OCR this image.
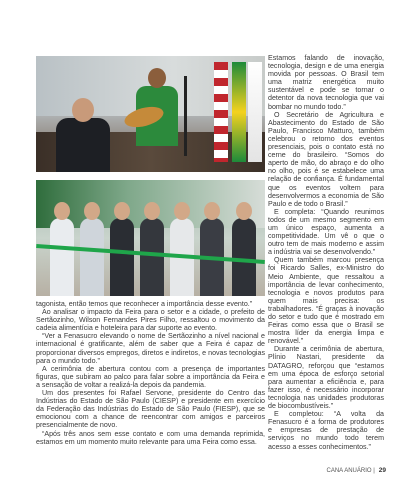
Estamos falando de inovação, tecnologia, design e de uma energia movida por pessoas. O Brasil tem uma matriz energética muito sustentável e pode se tornar o detentor da nova tecnologia que vai bombar no mundo todo.”

O Secretário de Agricultura e Abastecimento do Estado de São Paulo, Francisco Matturo, também celebrou o retorno dos eventos presenciais, pois o contato está no cerne do brasileiro. “Somos do aperto de mão, do abraço e do olho no olho, pois é se estabelece uma relação de confiança. É fundamental que os eventos voltem para desenvolvermos a economia de São Paulo e de todo o Brasil.”

E completa: “Quando reunimos todos de um mesmo segmento em um único espaço, aumenta a competitividade. Um vê o que o outro tem de mais moderno e assim a indústria vai se desenvolvendo.”

Quem também marcou presença foi Ricardo Salles, ex-Ministro do Meio Ambiente, que ressaltou a importância de levar conhecimento, tecnologia e novos produtos para quem mais precisa: os trabalhadores. “É graças à inovação do setor e tudo que é mostrado em Feiras como essa que o Brasil se mostra líder da energia limpa e renovável.”

Durante a cerimônia de abertura, Plínio Nastari, presidente da DATAGRO, reforçou que “estamos em uma época de esforço setorial para aumentar a eficiência e, para fazer isso, é necessário incorporar tecnologia nas unidades produtoras de biocombustíveis.”

E completou: “A volta da Fenasucro é a forma de produtores e empresas de prestação de serviços no mundo todo terem acesso a esses conhecimentos.”

tagonista, então temos que reconhecer a importância desse evento.”

Ao analisar o impacto da Feira para o setor e a cidade, o prefeito de Sertãozinho, Wilson Fernandes Pires Filho, ressaltou o movimento da cadeia alimentícia e hoteleira para dar suporte ao evento.

“Ver a Fenasucro elevando o nome de Sertãozinho a nível nacional e internacional é gratificante, além de saber que a Feira é capaz de proporcionar diversos empregos, diretos e indiretos, e novas tecnologias para o mundo todo.”

A cerimônia de abertura contou com a presença de importantes figuras, que subiram ao palco para falar sobre a importância da Feira e a sensação de voltar a realizá-la depois da pandemia.

Um dos presentes foi Rafael Servone, presidente do Centro das Indústrias do Estado de São Paulo (CIESP) e presidente em exercício da Federação das Indústrias do Estado de São Paulo (FIESP), que se emocionou com a chance de reencontrar com amigos e parceiros presencialmente de novo.

“Após três anos sem esse contato e com uma demanda reprimida, estamos em um momento muito relevante para uma Feira como essa.

CANA ANUÁRIO | 29
